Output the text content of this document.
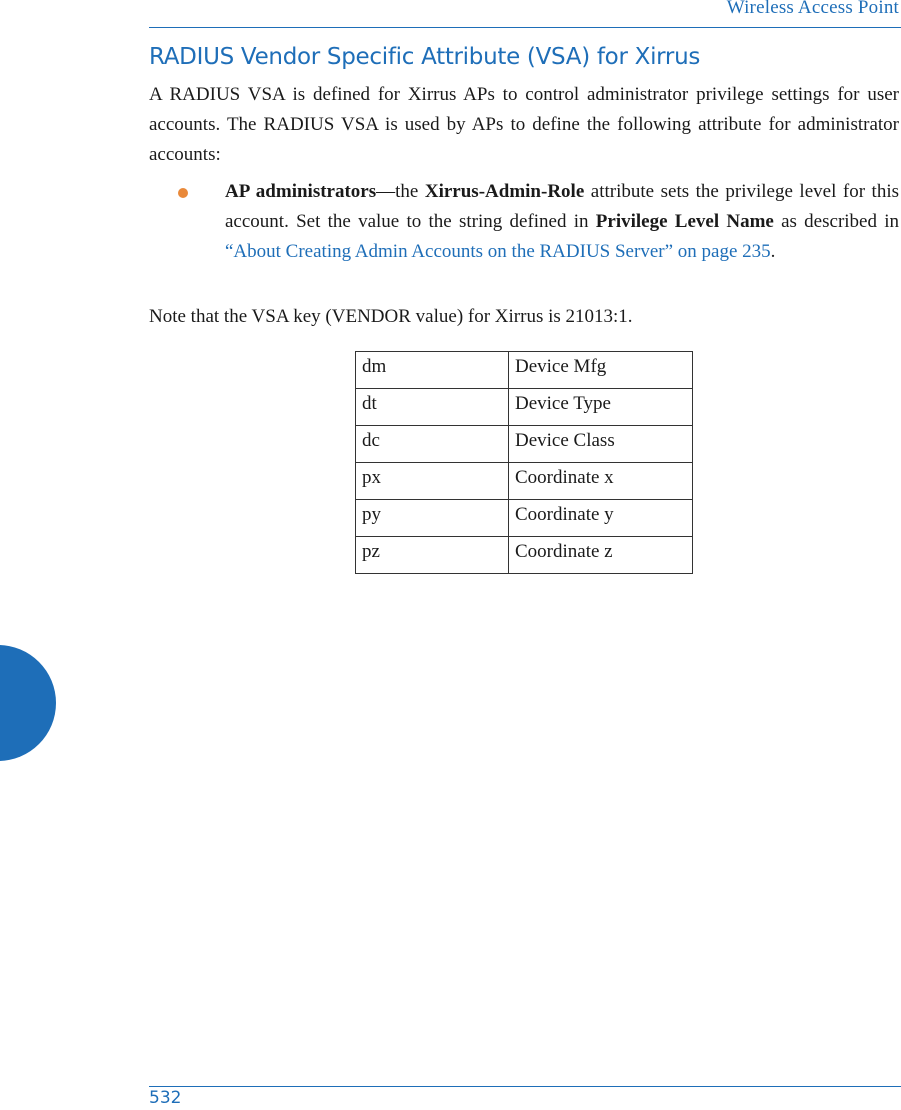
Wireless Access Point
RADIUS Vendor Specific Attribute (VSA) for Xirrus
A RADIUS VSA is defined for Xirrus APs to control administrator privilege settings for user accounts. The RADIUS VSA is used by APs to define the following attribute for administrator accounts:
AP administrators—the Xirrus-Admin-Role attribute sets the privilege level for this account. Set the value to the string defined in Privilege Level Name as described in “About Creating Admin Accounts on the RADIUS Server” on page 235.
Note that the VSA key (VENDOR value) for Xirrus is 21013:1.
dm	Device Mfg
dt	Device Type
dc	Device Class
px	Coordinate x
py	Coordinate y
pz	Coordinate z
532
